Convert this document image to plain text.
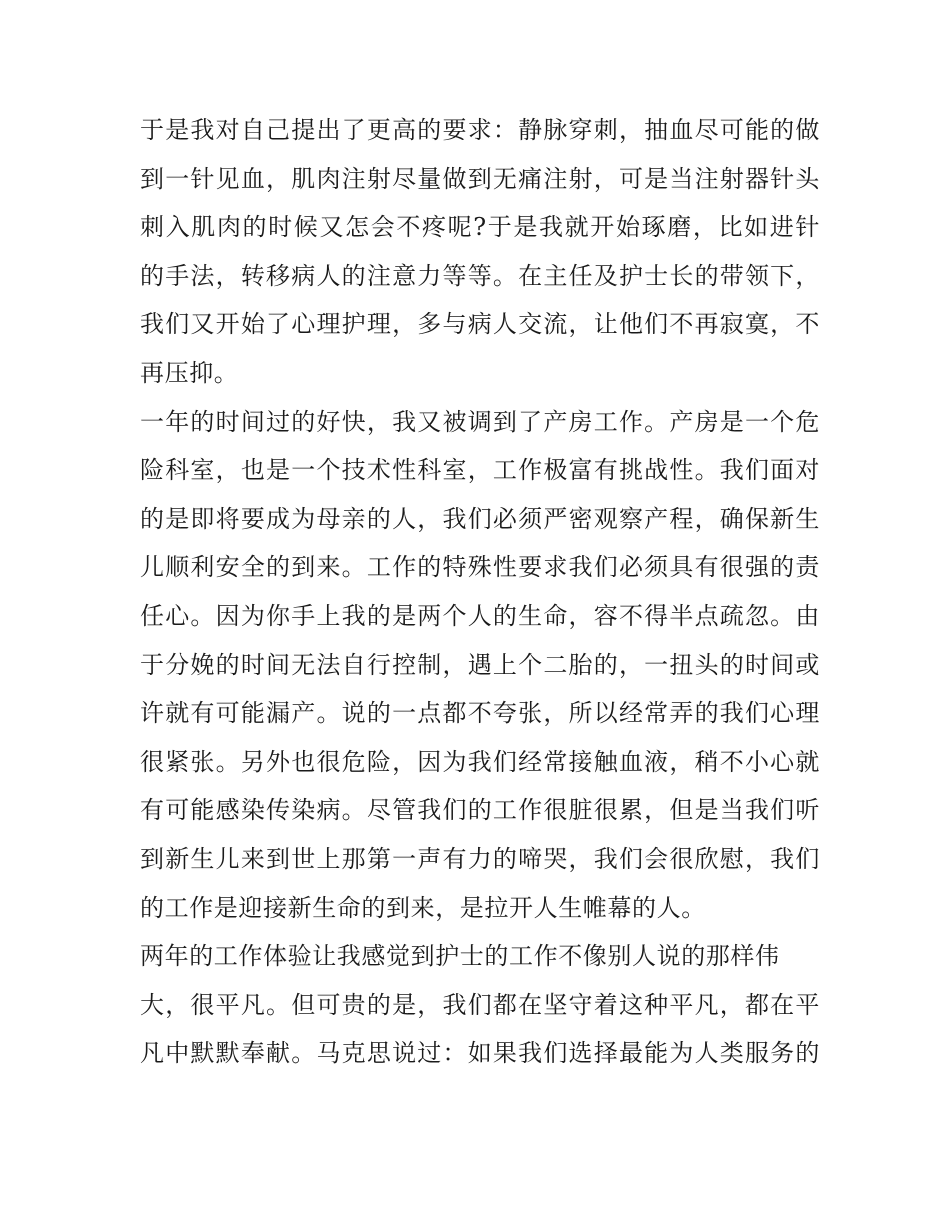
于是我对自己提出了更高的要求：静脉穿刺，抽血尽可能的做
到一针见血，肌肉注射尽量做到无痛注射，可是当注射器针头
刺入肌肉的时候又怎会不疼呢?于是我就开始琢磨，比如进针
的手法，转移病人的注意力等等。在主任及护士长的带领下，
我们又开始了心理护理，多与病人交流，让他们不再寂寞，不
再压抑。
一年的时间过的好快，我又被调到了产房工作。产房是一个危
险科室，也是一个技术性科室，工作极富有挑战性。我们面对
的是即将要成为母亲的人，我们必须严密观察产程，确保新生
儿顺利安全的到来。工作的特殊性要求我们必须具有很强的责
任心。因为你手上我的是两个人的生命，容不得半点疏忽。由
于分娩的时间无法自行控制，遇上个二胎的，一扭头的时间或
许就有可能漏产。说的一点都不夸张，所以经常弄的我们心理
很紧张。另外也很危险，因为我们经常接触血液，稍不小心就
有可能感染传染病。尽管我们的工作很脏很累，但是当我们听
到新生儿来到世上那第一声有力的啼哭，我们会很欣慰，我们
的工作是迎接新生命的到来，是拉开人生帷幕的人。
两年的工作体验让我感觉到护士的工作不像别人说的那样伟
大，很平凡。但可贵的是，我们都在坚守着这种平凡，都在平
凡中默默奉献。马克思说过：如果我们选择最能为人类服务的
